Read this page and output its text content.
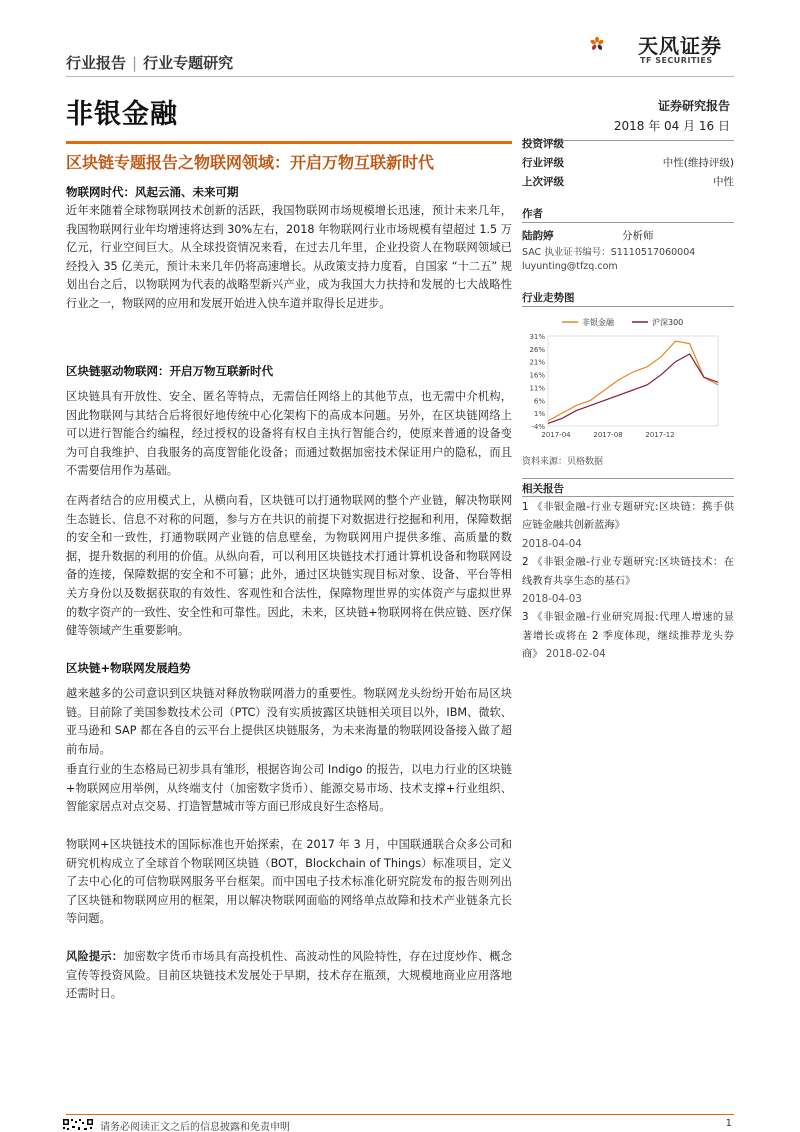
行业报告 | 行业专题研究
天风证券
TF SECURITIES
非银金融	证券研究报告
2018 年 04 月 16 日
区块链专题报告之物联网领域：开启万物互联新时代
物联网时代：风起云涌、未来可期
近年来随着全球物联网技术创新的活跃，我国物联网市场规模增长迅速，预计未来几年，我国物联网行业年均增速将达到 30%左右，2018 年物联网行业市场规模有望超过 1.5 万亿元，行业空间巨大。从全球投资情况来看，在过去几年里，企业投资人在物联网领域已经投入 35 亿美元，预计未来几年仍将高速增长。从政策支持力度看，自国家 “十二五” 规划出台之后，以物联网为代表的战略型新兴产业，成为我国大力扶持和发展的七大战略性行业之一，物联网的应用和发展开始进入快车道并取得长足进步。
区块链驱动物联网：开启万物互联新时代
区块链具有开放性、安全、匿名等特点，无需信任网络上的其他节点，也无需中介机构，因此物联网与其结合后将很好地传统中心化架构下的高成本问题。另外，在区块链网络上可以进行智能合约编程，经过授权的设备将有权自主执行智能合约，使原来普通的设备变为可自我维护、自我服务的高度智能化设备；而通过数据加密技术保证用户的隐私，而且不需要信用作为基础。
在两者结合的应用模式上，从横向看，区块链可以打通物联网的整个产业链，解决物联网生态链长、信息不对称的问题，参与方在共识的前提下对数据进行挖掘和利用，保障数据的安全和一致性，打通物联网产业链的信息壁垒，为物联网用户提供多维、高质量的数据，提升数据的利用的价值。从纵向看，可以利用区块链技术打通计算机设备和物联网设备的连接，保障数据的安全和不可篡；此外，通过区块链实现目标对象、设备、平台等相关方身份以及数据获取的有效性、客观性和合法性，保障物理世界的实体资产与虚拟世界的数字资产的一致性、安全性和可靠性。因此，未来，区块链+物联网将在供应链、医疗保健等领域产生重要影响。
区块链+物联网发展趋势
越来越多的公司意识到区块链对释放物联网潜力的重要性。物联网龙头纷纷开始布局区块链。目前除了美国参数技术公司（PTC）没有实质披露区块链相关项目以外，IBM、微软、亚马逊和 SAP 都在各自的云平台上提供区块链服务，为未来海量的物联网设备接入做了超前布局。
垂直行业的生态格局已初步具有雏形，根据咨询公司 Indigo 的报告，以电力行业的区块链+物联网应用举例，从终端支付（加密数字货币）、能源交易市场、技术支撑+行业组织、智能家居点对点交易、打造智慧城市等方面已形成良好生态格局。
物联网+区块链技术的国际标准也开始探索，在 2017 年 3 月，中国联通联合众多公司和研究机构成立了全球首个物联网区块链（BOT，Blockchain of Things）标准项目，定义了去中心化的可信物联网服务平台框架。而中国电子技术标准化研究院发布的报告则列出了区块链和物联网应用的框架，用以解决物联网面临的网络单点故障和技术产业链条亢长等问题。
风险提示：加密数字货币市场具有高投机性、高波动性的风险特性，存在过度炒作、概念宣传等投资风险。目前区块链技术发展处于早期，技术存在瓶颈，大规模地商业应用落地还需时日。
投资评级
行业评级	中性(维持评级)
上次评级	中性
作者
陆韵婷	分析师
SAC 执业证书编号：S1110517060004
luyunting@tfzq.com
行业走势图
31%
26%
21%
16%
11%
6%
1%
-4%
2017-04	2017-08	2017-12
非银金融	沪深300
资料来源：贝格数据
相关报告
1 《非银金融-行业专题研究:区块链：携手供应链金融共创新蓝海》
2018-04-04
2 《非银金融-行业专题研究:区块链技术：在线教育共享生态的基石》
2018-04-03
3 《非银金融-行业研究周报:代理人增速的显著增长或将在 2 季度体现，继续推荐龙头券商》 2018-02-04
请务必阅读正文之后的信息披露和免责申明	1
